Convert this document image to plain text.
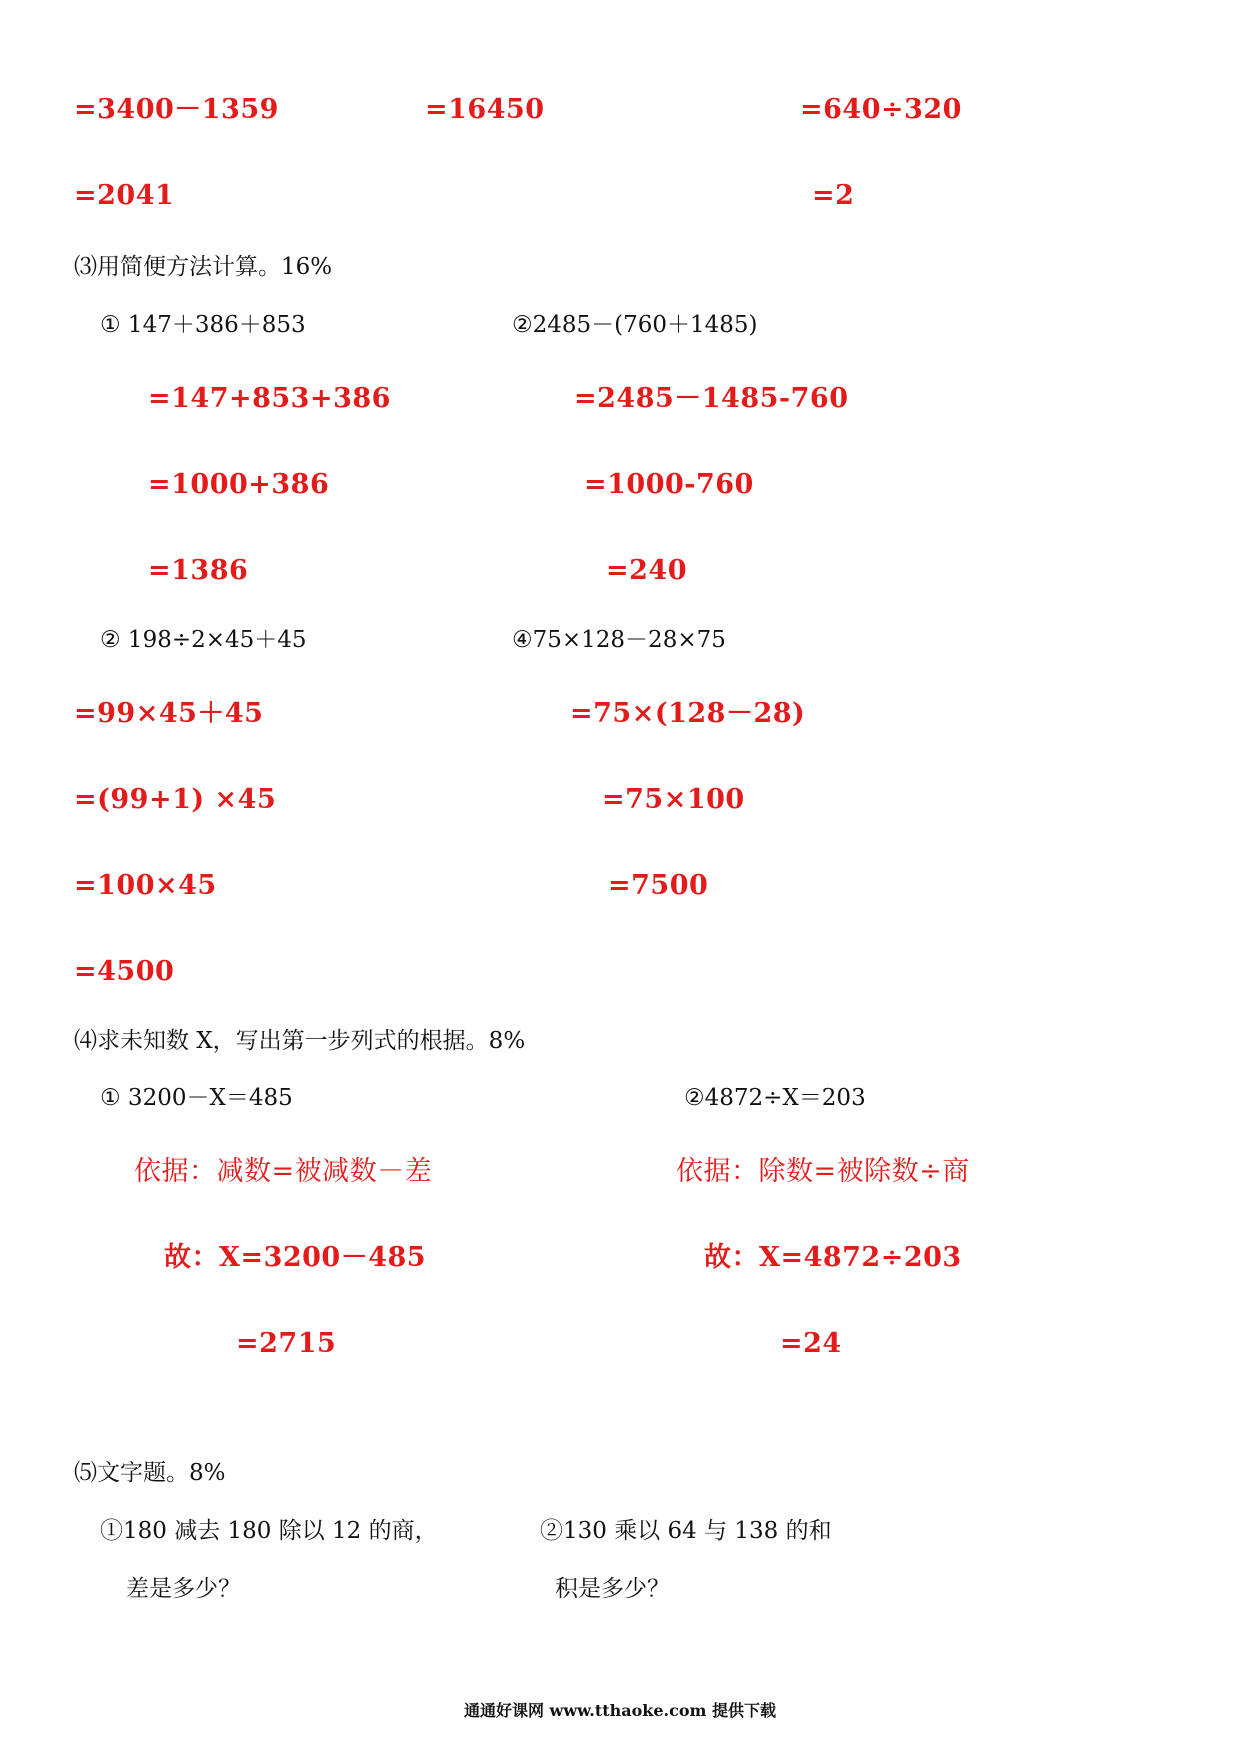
=3400－1359
=2041
=16450	=640÷320
=2
⑶用简便方法计算。16%
① 147＋386＋853
=147+853+386
=1000+386
=1386
②2485－(760＋1485)
=2485－1485-760
=1000-760
=240
② 198÷2×45＋45
=99×45＋45
=(99+1) ×45
=100×45
=4500
④75×128－28×75
=75×(128－28)
=75×100
=7500
⑷求未知数 X，写出第一步列式的根据。8%
① 3200－X＝485
依据：减数=被减数－差
故：X=3200－485
=2715
②4872÷X＝203
依据：除数=被除数÷商
故：X=4872÷203
=24
⑸文字题。8%
①180 减去 180 除以 12 的商，
差是多少？
②130 乘以 64 与 138 的和
积是多少？
通通好课网 www.tthaoke.com 提供下载
